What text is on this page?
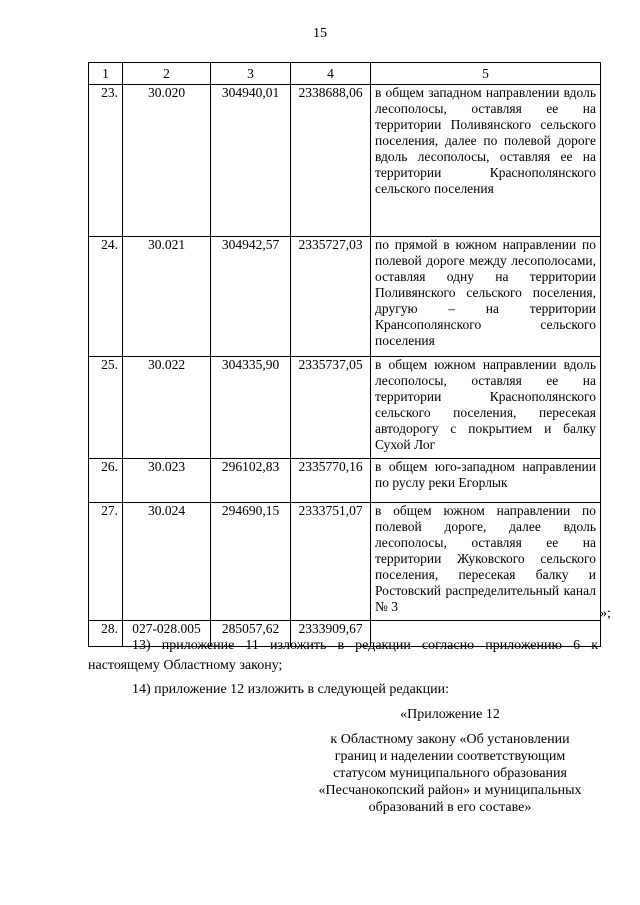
15
1	2	3	4	5
23.	30.020	304940,01	2338688,06	в общем западном направлении вдоль лесополосы, оставляя ее на территории Поливянского сельского поселения, далее по полевой дороге вдоль лесополосы, оставляя ее на территории Краснополянского сельского поселения
24.	30.021	304942,57	2335727,03	по прямой в южном направлении по полевой дороге между лесополосами, оставляя одну на территории Поливянского сельского поселения, другую – на территории Крансополянского сельского поселения
25.	30.022	304335,90	2335737,05	в общем южном направлении вдоль лесополосы, оставляя ее на территории Краснополянского сельского поселения, пересекая автодорогу с покрытием и балку Сухой Лог
26.	30.023	296102,83	2335770,16	в общем юго-западном направлении по руслу реки Егорлык
27.	30.024	294690,15	2333751,07	в общем южном направлении по полевой дороге, далее вдоль лесополосы, оставляя ее на территории Жуковского сельского поселения, пересекая балку и Ростовский распределительный канал № 3
28.	027-028.005	285057,62	2333909,67	
»;
13) приложение 11 изложить в редакции согласно приложению 6 к настоящему Областному закону;
14) приложение 12 изложить в следующей редакции:
«Приложение 12
к Областному закону «Об установлении
границ и наделении соответствующим
статусом муниципального образования
«Песчанокопский район» и муниципальных
образований в его составе»
